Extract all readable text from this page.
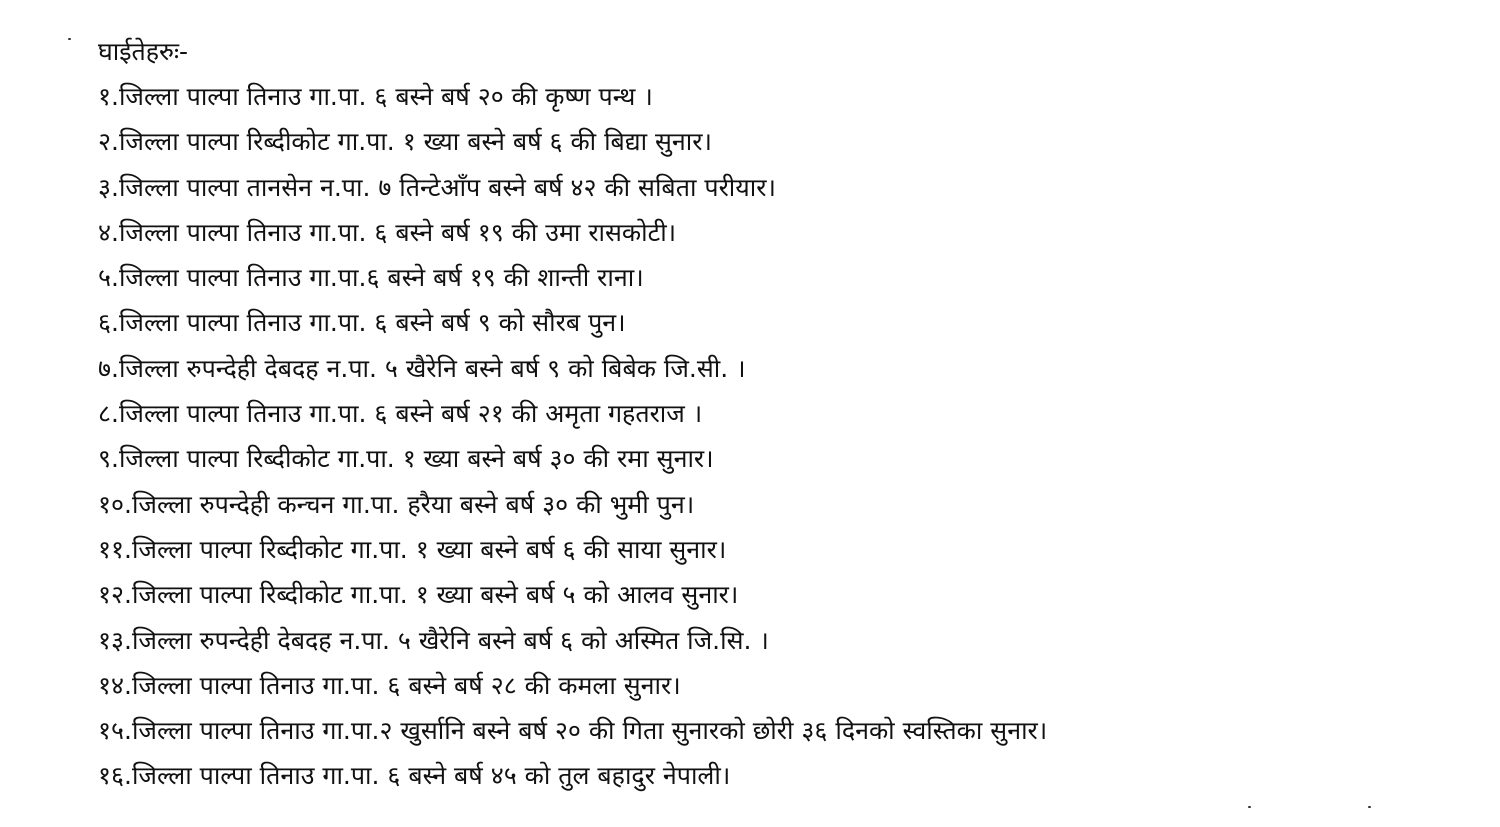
घाईतेहरुः-
१.जिल्ला पाल्पा तिनाउ गा.पा. ६ बस्ने बर्ष २० की कृष्ण पन्थ ।
२.जिल्ला पाल्पा रिब्दीकोट गा.पा. १ ख्या बस्ने बर्ष ६ की बिद्या सुनार।
३.जिल्ला पाल्पा तानसेन न.पा. ७ तिन्टेआँप बस्ने बर्ष ४२ की सबिता परीयार।
४.जिल्ला पाल्पा तिनाउ गा.पा. ६ बस्ने बर्ष १९ की उमा रासकोटी।
५.जिल्ला पाल्पा तिनाउ गा.पा.६ बस्ने बर्ष १९ की शान्ती राना।
६.जिल्ला पाल्पा तिनाउ गा.पा. ६ बस्ने बर्ष ९ को सौरब पुन।
७.जिल्ला रुपन्देही देबदह न.पा. ५ खैरेनि बस्ने बर्ष ९ को बिबेक जि.सी. ।
८.जिल्ला पाल्पा तिनाउ गा.पा. ६ बस्ने बर्ष २१ की अमृता गहतराज ।
९.जिल्ला पाल्पा रिब्दीकोट गा.पा. १ ख्या बस्ने बर्ष ३० की रमा सुनार।
१०.जिल्ला रुपन्देही कन्चन गा.पा. हरैया बस्ने बर्ष ३० की भुमी पुन।
११.जिल्ला पाल्पा रिब्दीकोट गा.पा. १ ख्या बस्ने बर्ष ६ की साया सुनार।
१२.जिल्ला पाल्पा रिब्दीकोट गा.पा. १ ख्या बस्ने बर्ष ५ को आलव सुनार।
१३.जिल्ला रुपन्देही देबदह न.पा. ५ खैरेनि बस्ने बर्ष ६ को अस्मित जि.सि. ।
१४.जिल्ला पाल्पा तिनाउ गा.पा. ६ बस्ने बर्ष २८ की कमला सुनार।
१५.जिल्ला पाल्पा तिनाउ गा.पा.२ खुर्सानि बस्ने बर्ष २० की गिता सुनारको छोरी ३६ दिनको स्वस्तिका सुनार।
१६.जिल्ला पाल्पा तिनाउ गा.पा. ६ बस्ने बर्ष ४५ को तुल बहादुर नेपाली।
